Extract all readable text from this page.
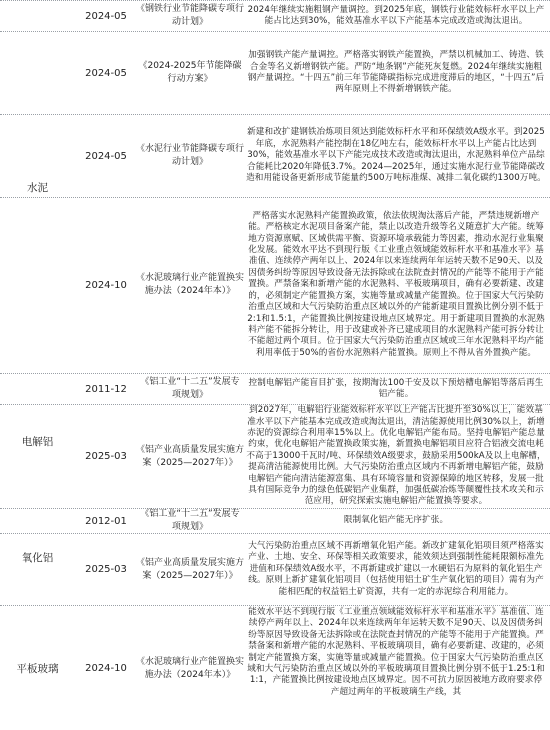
2024-05
《钢铁行业节能降碳专项行动计划》
2024年继续实施粗钢产量调控。到2025年底，钢铁行业能效标杆水平以上产能占比达到30%，能效基准水平以下产能基本完成改造或淘汰退出。
2024-05
《2024-2025年节能降碳行动方案》
加强钢铁产能产量调控。严格落实钢铁产能置换，严禁以机械加工、铸造、铁合金等名义新增钢铁产能。严防“地条钢”产能死灰复燃。2024年继续实施粗钢产量调控。“十四五”前三年节能降碳指标完成进度滞后的地区，“十四五”后两年原则上不得新增钢铁产能。
2024-05
《水泥行业节能降碳专项行动计划》
新建和改扩建钢铁冶炼项目须达到能效标杆水平和环保绩效A级水平。到2025年底，水泥熟料产能控制在18亿吨左右，能效标杆水平以上产能占比达到30%，能效基准水平以下产能完成技术改造或淘汰退出，水泥熟料单位产品综合能耗比2020年降低3.7%。2024—2025年，通过实施水泥行业节能降碳改造和用能设备更新形成节能量约500万吨标准煤、减排二氧化碳约1300万吨。
水泥
2024-10
《水泥玻璃行业产能置换实施办法（2024年本）》
严格落实水泥熟料产能置换政策，依法依规淘汰落后产能，严禁违规新增产能。严格核定水泥项目备案产能，禁止以改造升级等名义随意扩大产能。统筹地方资源禀赋、区域供需平衡、资源环境承载能力等因素，推动水泥行业集聚化发展。能效水平达不到现行版《工业重点领域能效标杆水平和基准水平》基准值、连续停产两年以上、2024年以来连续两年年运转天数不足90天、以及因债务纠纷等原因导致设备无法拆除或在法院查封情况的产能等不能用于产能置换。严禁备案和新增产能的水泥熟料、平板玻璃项目，确有必要新建、改建的，必须制定产能置换方案，实施等量或减量产能置换。位于国家大气污染防治重点区域和大气污染防治重点区域以外的产能新建项目置换比例分别不低于2:1和1.5:1，产能置换比例按建设地点区域界定。用于新建项目置换的水泥熟料产能不能拆分转让，用于改建或补齐已建成项目的水泥熟料产能可拆分转让不能超过两个项目。位于国家大气污染防治重点区域或三年水泥熟料平均产能利用率低于50%的省份水泥熟料产能置换。原则上不得从省外置换产能。
2011-12
《铝工业“十二五”发展专项规划》
控制电解铝产能盲目扩张，按期淘汰100千安及以下预焙槽电解铝等落后再生铝产能。
电解铝
2025-03
《铝产业高质量发展实施方案（2025—2027年）》
到2027年，电解铝行业能效标杆水平以上产能占比提升至30%以上，能效基准水平以下产能基本完成改造或淘汰退出，清洁能源使用比例30%以上，新增赤泥的资源综合利用率15%以上。优化电解铝产能布局。坚持电解铝产能总量约束，优化电解铝产能置换政策实施，新置换电解铝项目应符合铝液交流电耗不高于13000千瓦时/吨、环保绩效A级要求，鼓励采用500kA及以上电解槽，提高清洁能源使用比例。大气污染防治重点区域内不再新增电解铝产能，鼓励电解铝产能向清洁能源富集、具有环境容量和资源保障的地区转移，发展一批具有国际竞争力的绿色低碳铝产业集群，加强低碳冶炼等颠覆性技术攻关和示范应用，研究探索实施电解铝产能置换等要求。
2012-01
《铝工业“十二五”发展专项规划》
限制氧化铝产能无序扩张。
氧化铝
2025-03
《铝产业高质量发展实施方案（2025—2027年）》
大气污染防治重点区域不再新增氧化铝产能。新改扩建氧化铝项目须严格落实产业、土地、安全、环保等相关政策要求，能效须达到强制性能耗限额标准先进值和环保绩效A级水平，不再新建或扩建以一水硬铝石为原料的氧化铝生产线。原则上新扩建氧化铝项目（包括使用铝土矿生产氧化铝的项目）需有为产能相匹配的权益铝土矿资源，共有一定的赤泥综合利用能力。
平板玻璃	2024-10
《水泥玻璃行业产能置换实施办法（2024年本）》
能效水平达不到现行版《工业重点领域能效标杆水平和基准水平》基准值、连续停产两年以上、2024年以来连续两年年运转天数不足90天、以及因债务纠纷等原因导致设备无法拆除或在法院查封情况的产能等不能用于产能置换。严禁备案和新增产能的水泥熟料、平板玻璃项目，确有必要新建、改建的，必须制定产能置换方案，实施等量或减量产能置换。位于国家大气污染防治重点区域和大气污染防治重点区域以外的平板玻璃项目置换比例分别不低于1.25:1和1:1，产能置换比例按建设地点区域界定。因不可抗力原因被地方政府要求停产超过两年的平板玻璃生产线，其
